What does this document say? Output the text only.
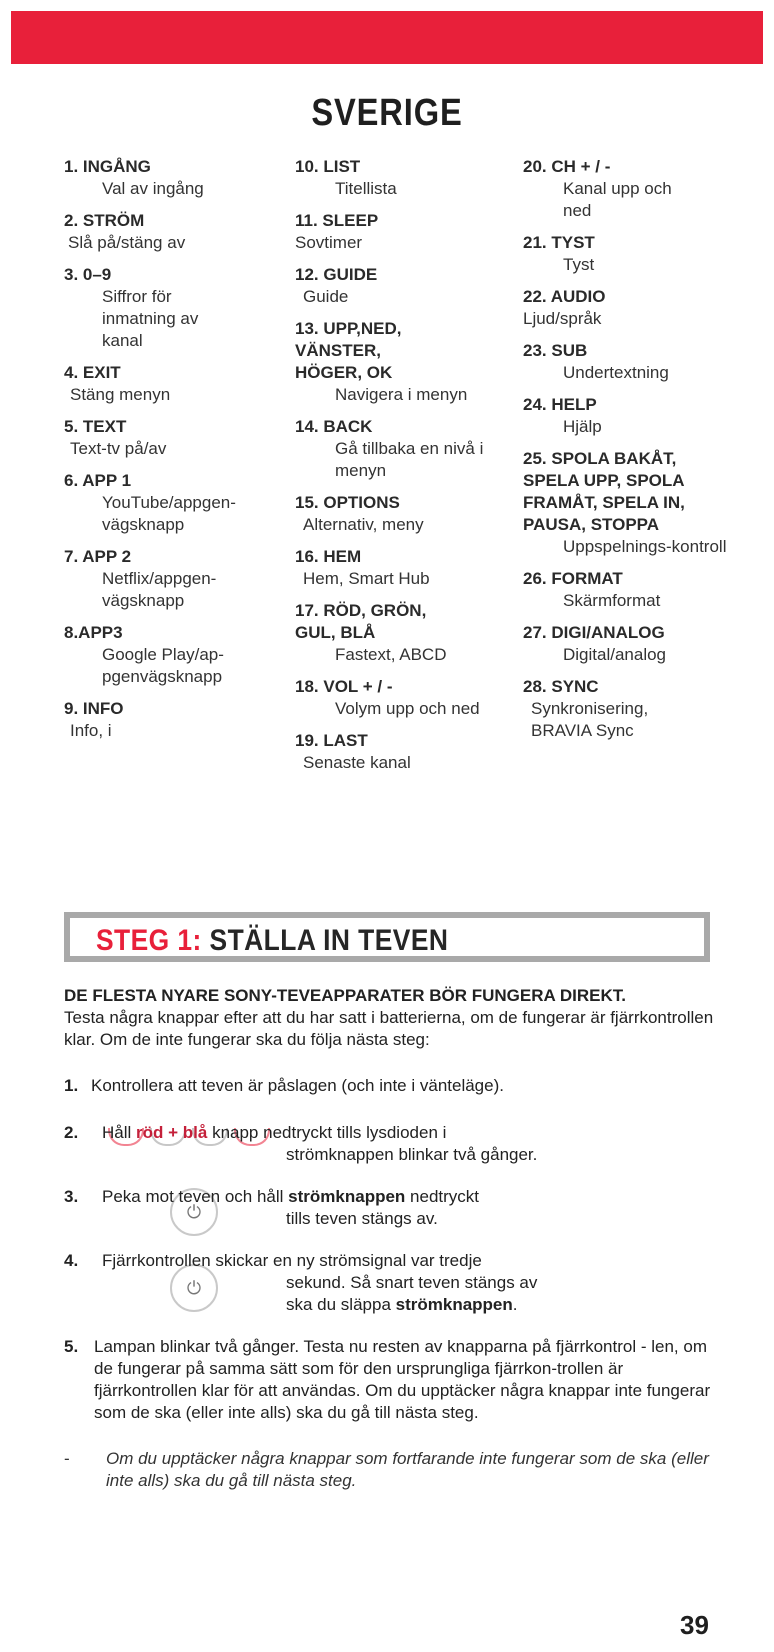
SVERIGE
1. INGÅNG
Val av ingång
2. STRÖM
Slå på/stäng av
3. 0–9
Siffror för inmatning av kanal
4. EXIT
Stäng menyn
5. TEXT
Text-tv på/av
6. APP 1
YouTube/appgen-vägsknapp
7. APP 2
Netflix/appgen-vägsknapp
8.APP3
Google Play/ap-pgenvägsknapp
9. INFO
Info, i
10. LIST
Titellista
11. SLEEP
Sovtimer
12. GUIDE
Guide
13. UPP,NED, VÄNSTER, HÖGER, OK
Navigera i menyn
14. BACK
Gå tillbaka en nivå i menyn
15. OPTIONS
Alternativ, meny
16. HEM
Hem, Smart Hub
17. RÖD, GRÖN, GUL, BLÅ
Fastext, ABCD
18. VOL + / -
Volym upp och ned
19. LAST
Senaste kanal
20. CH + / -
Kanal upp och ned
21. TYST
Tyst
22. AUDIO
Ljud/språk
23. SUB
Undertextning
24. HELP
Hjälp
25. SPOLA BAKÅT, SPELA UPP, SPOLA FRAMÅT, SPELA IN, PAUSA, STOPPA
Uppspelnings-kontroll
26. FORMAT
Skärmformat
27. DIGI/ANALOG
Digital/analog
28. SYNC
Synkronisering, BRAVIA Sync
STEG 1: STÄLLA IN TEVEN
DE FLESTA NYARE SONY-TEVEAPPARATER BÖR FUNGERA DIREKT.
Testa några knappar efter att du har satt i batterierna, om de fungerar är fjärrkontrollen klar. Om de inte fungerar ska du följa nästa steg:
1. Kontrollera att teven är påslagen (och inte i vänteläge).
2. Håll röd + blå knapp nedtryckt tills lysdioden i
strömknappen blinkar två gånger.
3.
⏻
Peka mot teven och håll strömknappen nedtryckt
tills teven stängs av.
4.
⏻
Fjärrkontrollen skickar en ny strömsignal var tredje
sekund. Så snart teven stängs av
ska du släppa strömknappen.
5. Lampan blinkar två gånger. Testa nu resten av knapparna på fjärrkontrol - len, om de fungerar på samma sätt som för den ursprungliga fjärrkon-trollen är fjärrkontrollen klar för att användas. Om du upptäcker några knappar inte fungerar som de ska (eller inte alls) ska du gå till nästa steg.
-	Om du upptäcker några knappar som fortfarande inte fungerar som de ska (eller inte alls) ska du gå till nästa steg.
39
